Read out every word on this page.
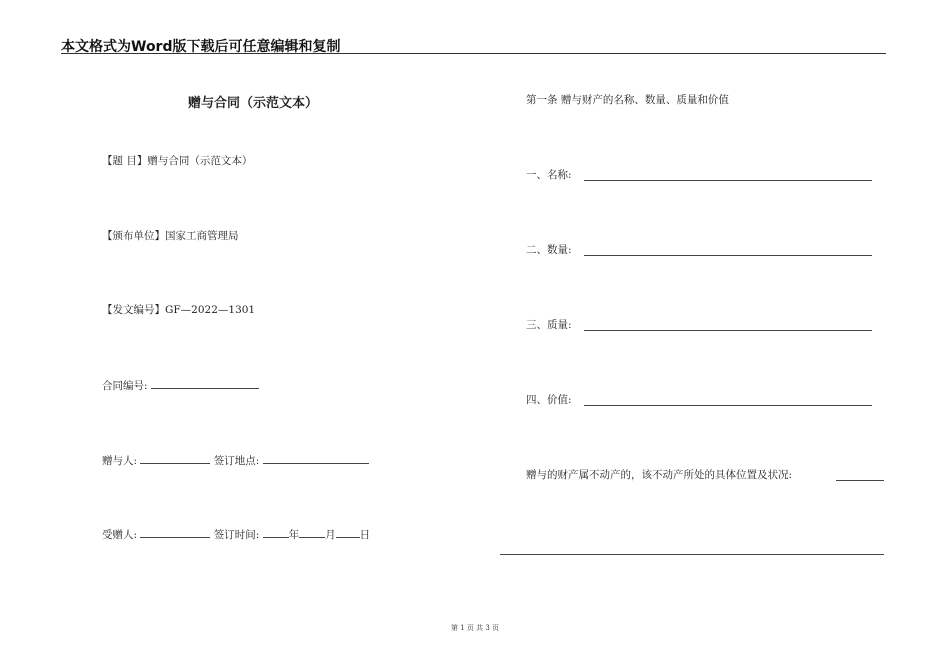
本文格式为Word版下载后可任意编辑和复制
赠与合同（示范文本）
【题 目】赠与合同（示范文本）
【颁布单位】国家工商管理局
【发文编号】GF—2022—1301
合同编号:
赠与人:	签订地点:
受赠人:	签订时间:	年 月 日
第一条 赠与财产的名称、数量、质量和价值
一、名称:
二、数量:
三、质量:
四、价值:
赠与的财产属不动产的，该不动产所处的具体位置及状况:
第 1 页 共 3 页
